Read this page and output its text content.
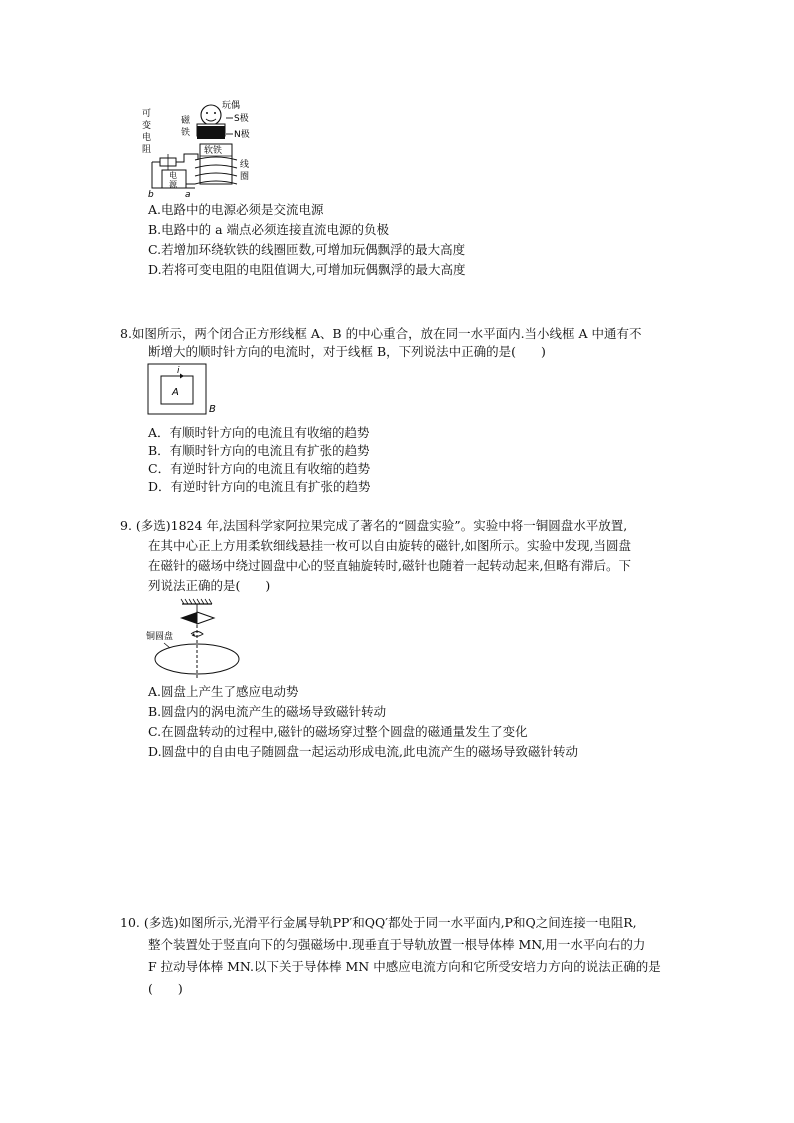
玩偶
S极
N极
磁
铁
可
变
电
阻	软铁
线
圈
电
源
b	a
A.电路中的电源必须是交流电源
B.电路中的 a 端点必须连接直流电源的负极
C.若增加环绕软铁的线圈匝数,可增加玩偶飘浮的最大高度
D.若将可变电阻的电阻值调大,可增加玩偶飘浮的最大高度
8.如图所示，两个闭合正方形线框 A、B 的中心重合，放在同一水平面内.当小线框 A 中通有不
断增大的顺时针方向的电流时，对于线框 B，下列说法中正确的是(　　)
i
A
B
A．有顺时针方向的电流且有收缩的趋势
B．有顺时针方向的电流且有扩张的趋势
C．有逆时针方向的电流且有收缩的趋势
D．有逆时针方向的电流且有扩张的趋势
9. (多选)1824 年,法国科学家阿拉果完成了著名的“圆盘实验”。实验中将一铜圆盘水平放置,
在其中心正上方用柔软细线悬挂一枚可以自由旋转的磁针,如图所示。实验中发现,当圆盘
在磁针的磁场中绕过圆盘中心的竖直轴旋转时,磁针也随着一起转动起来,但略有滞后。下
列说法正确的是(　　)
铜圆盘
A.圆盘上产生了感应电动势
B.圆盘内的涡电流产生的磁场导致磁针转动
C.在圆盘转动的过程中,磁针的磁场穿过整个圆盘的磁通量发生了变化
D.圆盘中的自由电子随圆盘一起运动形成电流,此电流产生的磁场导致磁针转动
10. (多选)如图所示,光滑平行金属导轨PP′和QQ′都处于同一水平面内,P和Q之间连接一电阻R,
整个装置处于竖直向下的匀强磁场中.现垂直于导轨放置一根导体棒 MN,用一水平向右的力
F 拉动导体棒 MN.以下关于导体棒 MN 中感应电流方向和它所受安培力方向的说法正确的是
(　　)
